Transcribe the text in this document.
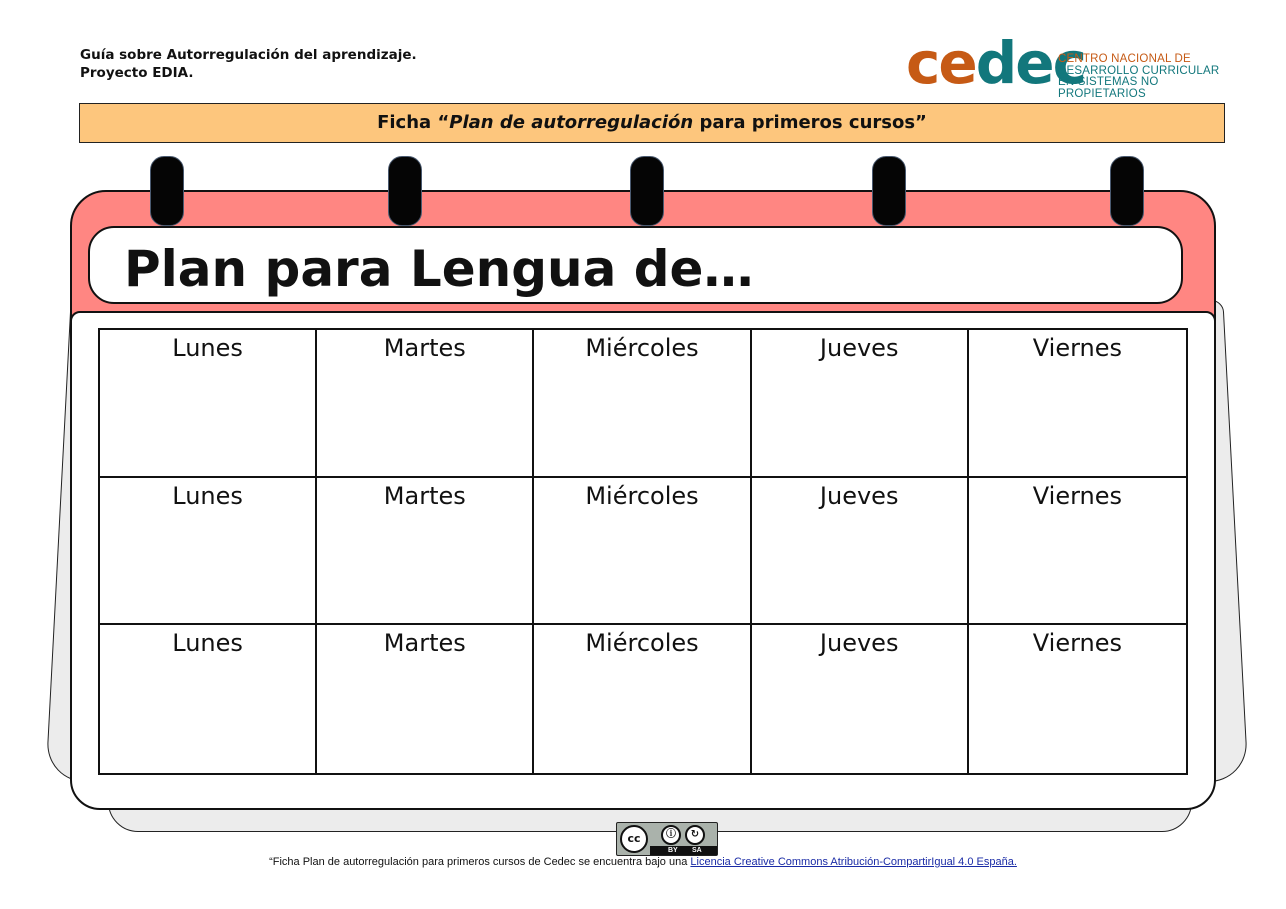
Guía sobre Autorregulación del aprendizaje.
Proyecto EDIA.	cedec
CENTRO NACIONAL DE
DESARROLLO CURRICULAR
EN SISTEMAS NO PROPIETARIOS
Ficha “Plan de autorregulación para primeros cursos”
Plan para Lengua de…
Lunes	Martes	Miércoles	Jueves	Viernes
Lunes	Martes	Miércoles	Jueves	Viernes
Lunes	Martes	Miércoles	Jueves	Viernes
cc	ⓘ	↻
BY SA
“Ficha Plan de autorregulación para primeros cursos de Cedec se encuentra bajo una Licencia Creative Commons Atribución-CompartirIgual 4.0 España.
